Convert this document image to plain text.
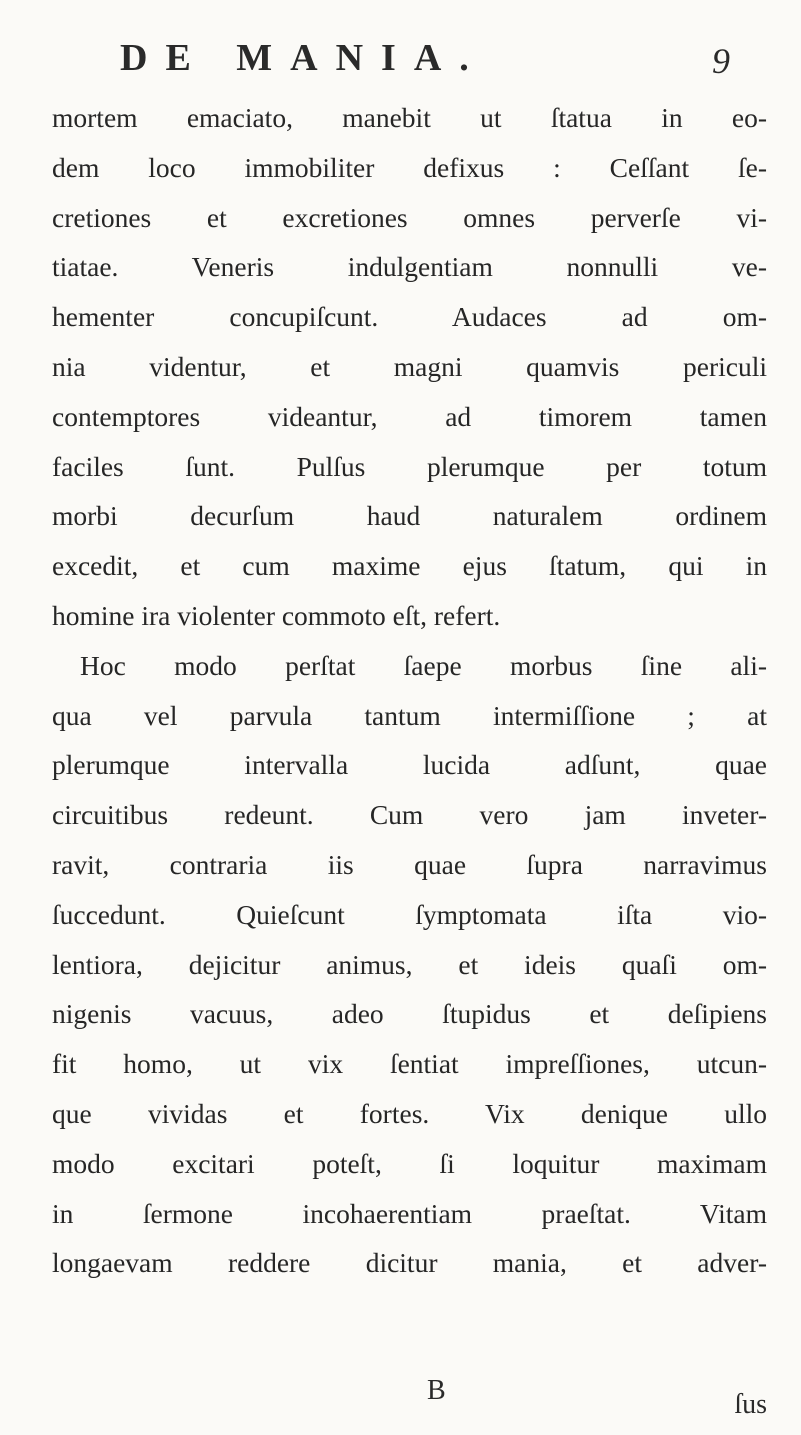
DE MANIA.	9
mortem emaciato, manebit ut ſtatua in eo-
dem loco immobiliter defixus : Ceſſant ſe-
cretiones et excretiones omnes perverſe vi-
tiatae. Veneris indulgentiam nonnulli ve-
hementer concupiſcunt. Audaces ad om-
nia videntur, et magni quamvis periculi
contemptores videantur, ad timorem tamen
faciles ſunt. Pulſus plerumque per totum
morbi decurſum haud naturalem ordinem
excedit, et cum maxime ejus ſtatum, qui in
homine ira violenter commoto eſt, refert.
Hoc modo perſtat ſaepe morbus ſine ali-
qua vel parvula tantum intermiſſione ; at
plerumque intervalla lucida adſunt, quae
circuitibus redeunt. Cum vero jam inveter-
ravit, contraria iis quae ſupra narravimus
ſuccedunt. Quieſcunt ſymptomata iſta vio-
lentiora, dejicitur animus, et ideis quaſi om-
nigenis vacuus, adeo ſtupidus et deſipiens
fit homo, ut vix ſentiat impreſſiones, utcun-
que vividas et fortes. Vix denique ullo
modo excitari poteſt, ſi loquitur maximam
in ſermone incohaerentiam praeſtat. Vitam
longaevam reddere dicitur mania, et adver-
B	ſus
